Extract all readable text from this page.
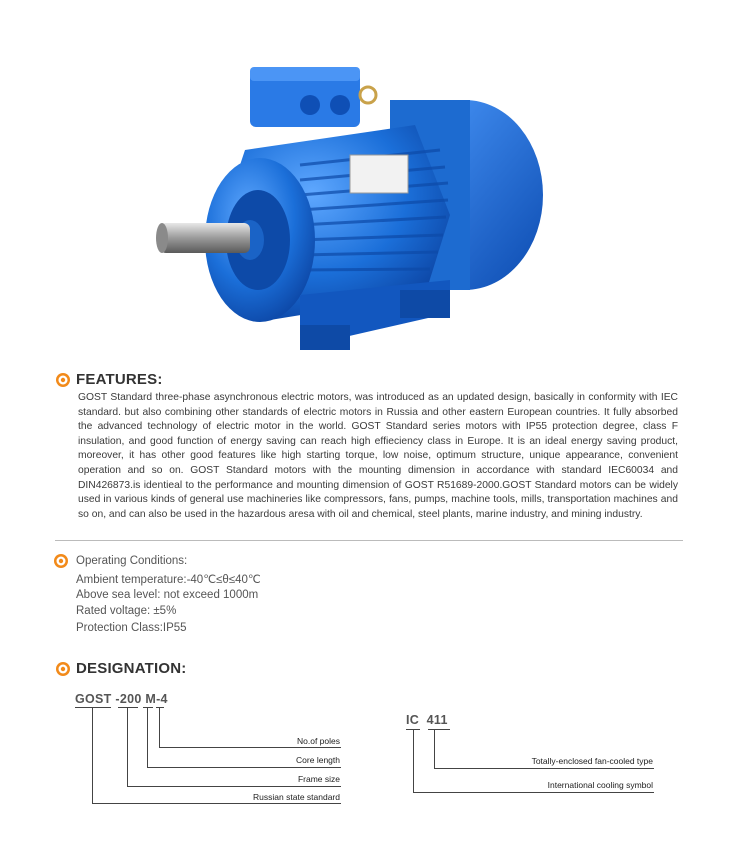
FEATURES:
GOST Standard three-phase asynchronous electric motors, was introduced as an updated design, basically in conformity with IEC standard. but also combining other standards of electric motors in Russia and other eastern European countries. It fully absorbed the advanced technology of electric motor in the world. GOST Standard series motors with IP55 protection degree, class F insulation, and good function of energy saving can reach high effieciency class in Europe. It is an ideal energy saving product, moreover, it has other good features like high starting torque, low noise, optimum structure, unique appearance, convenient operation and so on. GOST Standard motors with the mounting dimension in accordance with standard IEC60034 and DIN426873.is identieal to the performance and mounting dimension of GOST R51689-2000.GOST Standard motors can be widely used in various kinds of general use machineries like compressors, fans, pumps, machine tools, mills, transportation machines and so on, and can also be used in the hazardous aresa with oil and chemical, steel plants, marine industry, and mining industry.
Operating Conditions:
Ambient temperature:-40℃≤θ≤40℃
Above sea level: not exceed 1000m
Rated voltage: ±5%
Protection Class:IP55
DESIGNATION:
GOST -200 M-4
No.of poles
Core length
Frame size
Russian state standard
IC  411
Totally-enclosed fan-cooled type
International cooling symbol
